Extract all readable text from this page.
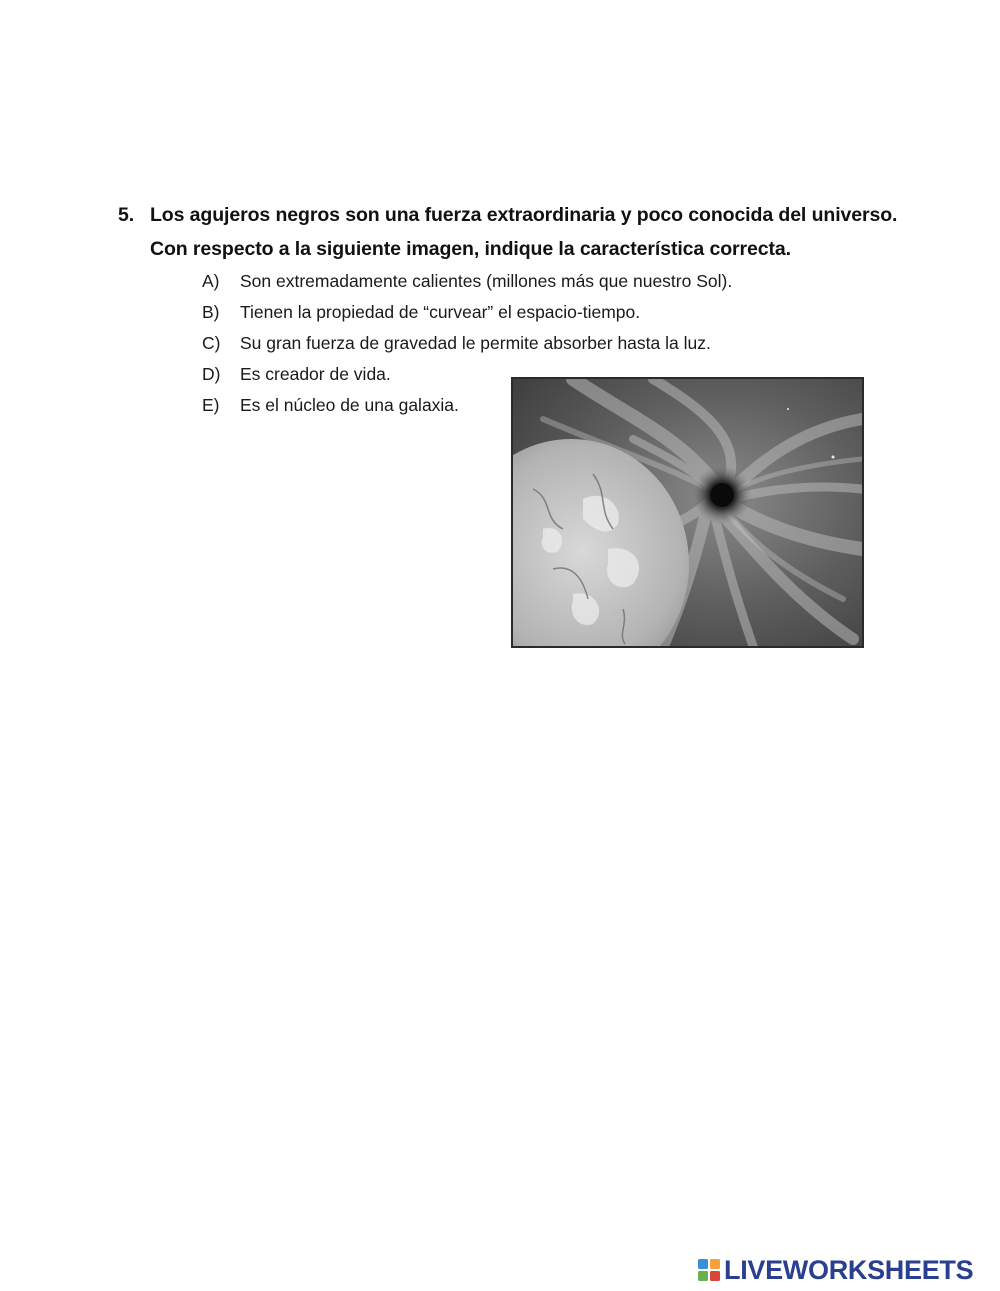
5. Los agujeros negros son una fuerza extraordinaria y poco conocida del universo.
Con respecto a la siguiente imagen, indique la característica correcta.
A) Son extremadamente calientes (millones más que nuestro Sol).
B) Tienen la propiedad de “curvear” el espacio-tiempo.
C) Su gran fuerza de gravedad le permite absorber hasta la luz.
D) Es creador de vida.
E) Es el núcleo de una galaxia.
LIVEWORKSHEETS
